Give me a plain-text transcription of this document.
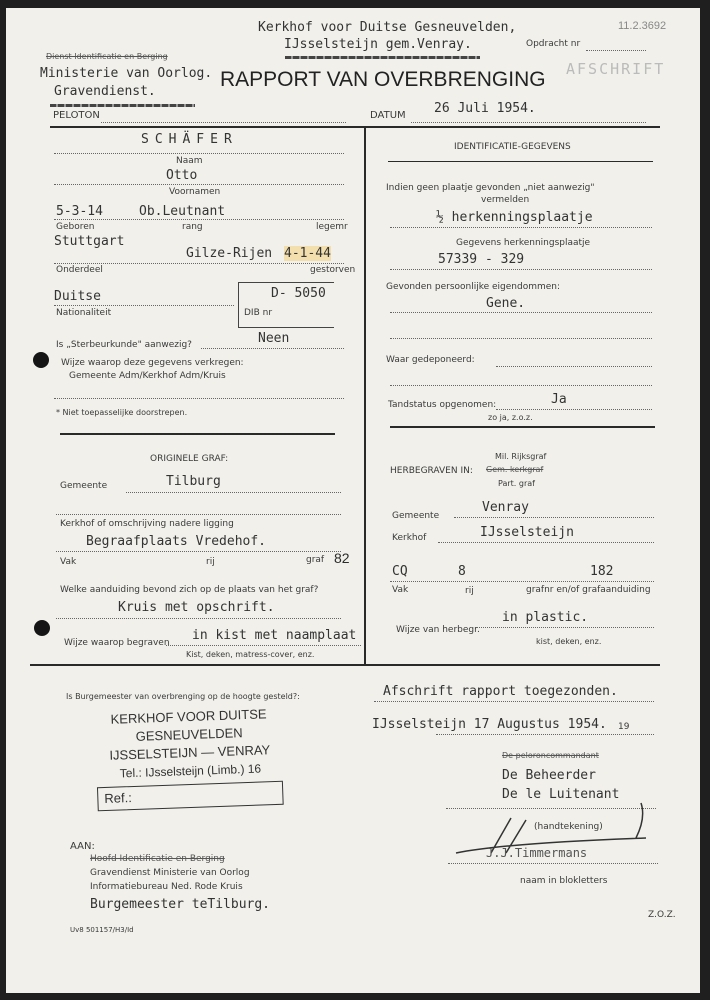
Kerkhof voor Duitse Gesneuvelden,
IJsselsteijn gem.Venray.
11.2.3692
Opdracht nr
Dienst Identificatie en Berging
Ministerie van Oorlog.
Gravendienst.
RAPPORT VAN OVERBRENGING AFSCHRIFT
PELOTON	DATUM 26 Juli 1954.
SCHÄFER
Naam
Otto
Voornamen
5-3-14	Ob.Leutnant
Geboren	rang	legemr
Stuttgart
Gilze-Rijen 4-1-44
Onderdeel	gestorven
D- 5050
DIB nr
Duitse
Nationaliteit
Is „Sterbeurkunde" aanwezig?	Neen
Wijze waarop deze gegevens verkregen:
Gemeente Adm/Kerkhof Adm/Kruis
* Niet toepasselijke doorstrepen.
IDENTIFICATIE-GEGEVENS
Indien geen plaatje gevonden „niet aanwezig"
vermelden
½ herkenningsplaatje
Gegevens herkenningsplaatje
57339 - 329
Gevonden persoonlijke eigendommen:
Gene.
Waar gedeponeerd:
Tandstatus opgenomen:	Ja
zo ja, z.o.z.
ORIGINELE GRAF:
Gemeente	Tilburg
Kerkhof of omschrijving nadere ligging
Begraafplaats Vredehof.
Vak	rij	graf 82
Welke aanduiding bevond zich op de plaats van het graf?
Kruis met opschrift.
Wijze waarop begraven in kist met naamplaat
Kist, deken, matress-cover, enz.
Mil. Rijksgraf
HERBEGRAVEN IN: Gem. kerkgraf
Part. graf
Gemeente
Venray
Kerkhof	IJsselsteijn
CQ	8	182
Vak	rij	grafnr en/of grafaanduiding
Wijze van herbegr.
in plastic.
kist, deken, enz.
Is Burgemeester van overbrenging op de hoogte gesteld?:	Afschrift rapport toegezonden.
KERKHOF VOOR DUITSE
GESNEUVELDEN
IJSSELSTEIJN — VENRAY
Tel.: IJsselsteijn (Limb.) 16
Ref.:
IJsselsteijn 17 Augustus 1954. 19
De peloroncommandant
De Beheerder
De le Luitenant
(handtekening)
J.J.Timmermans
naam in blokletters
AAN:
Hoofd Identificatie en Berging
Gravendienst Ministerie van Oorlog
Informatiebureau Ned. Rode Kruis
Burgemeester teTilburg.
Uv8 501157/H3/Id
Z.O.Z.
